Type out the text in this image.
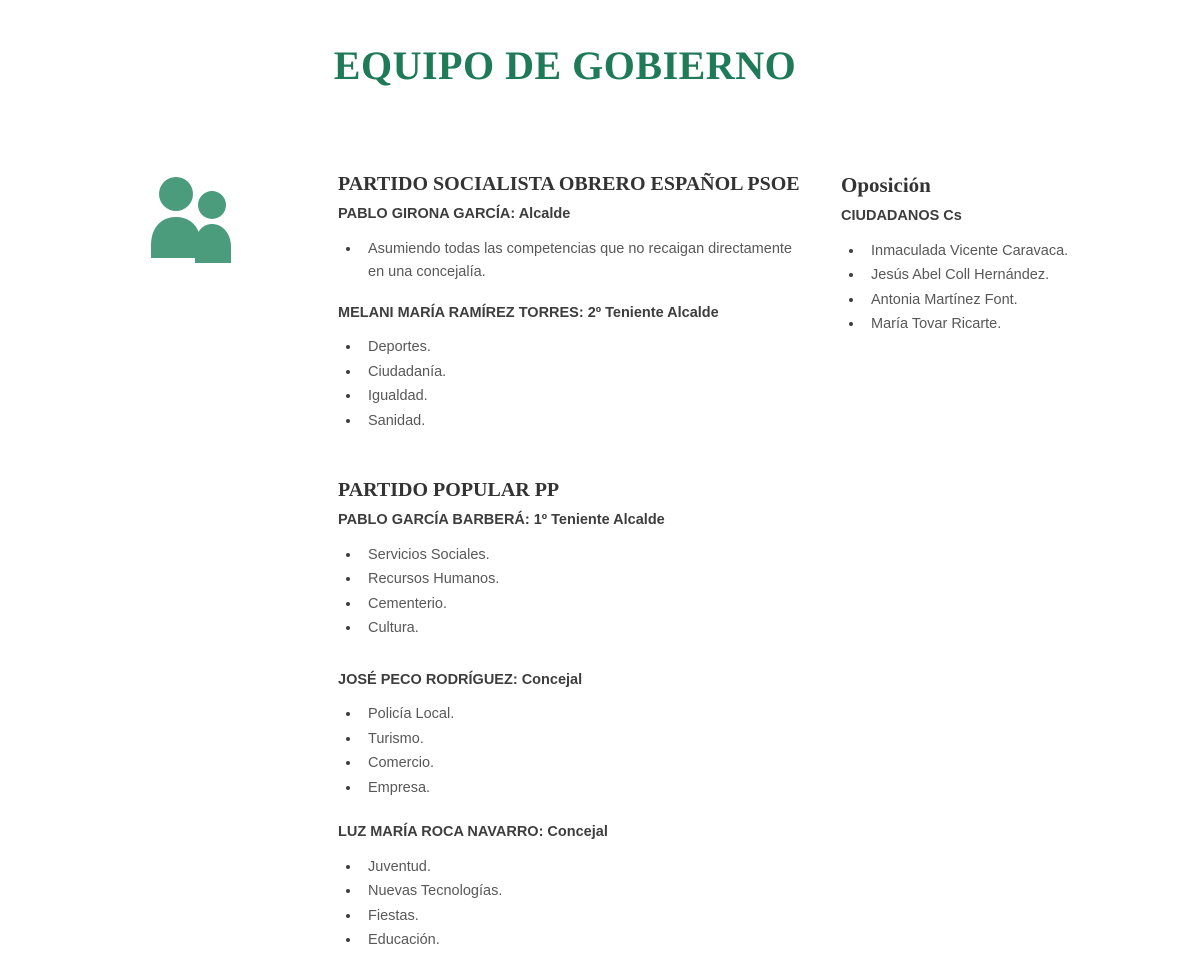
EQUIPO DE GOBIERNO
PARTIDO SOCIALISTA OBRERO ESPAÑOL PSOE
PABLO GIRONA GARCÍA: Alcalde
Asumiendo todas las competencias que no recaigan directamente en una concejalía.
MELANI MARÍA RAMÍREZ TORRES: 2º Teniente Alcalde
Deportes.
Ciudadanía.
Igualdad.
Sanidad.
PARTIDO POPULAR PP
PABLO GARCÍA BARBERÁ: 1º Teniente Alcalde
Servicios Sociales.
Recursos Humanos.
Cementerio.
Cultura.
JOSÉ PECO RODRÍGUEZ: Concejal
Policía Local.
Turismo.
Comercio.
Empresa.
LUZ MARÍA ROCA NAVARRO: Concejal
Juventud.
Nuevas Tecnologías.
Fiestas.
Educación.
Oposición
CIUDADANOS Cs
Inmaculada Vicente Caravaca.
Jesús Abel Coll Hernández.
Antonia Martínez Font.
María Tovar Ricarte.
